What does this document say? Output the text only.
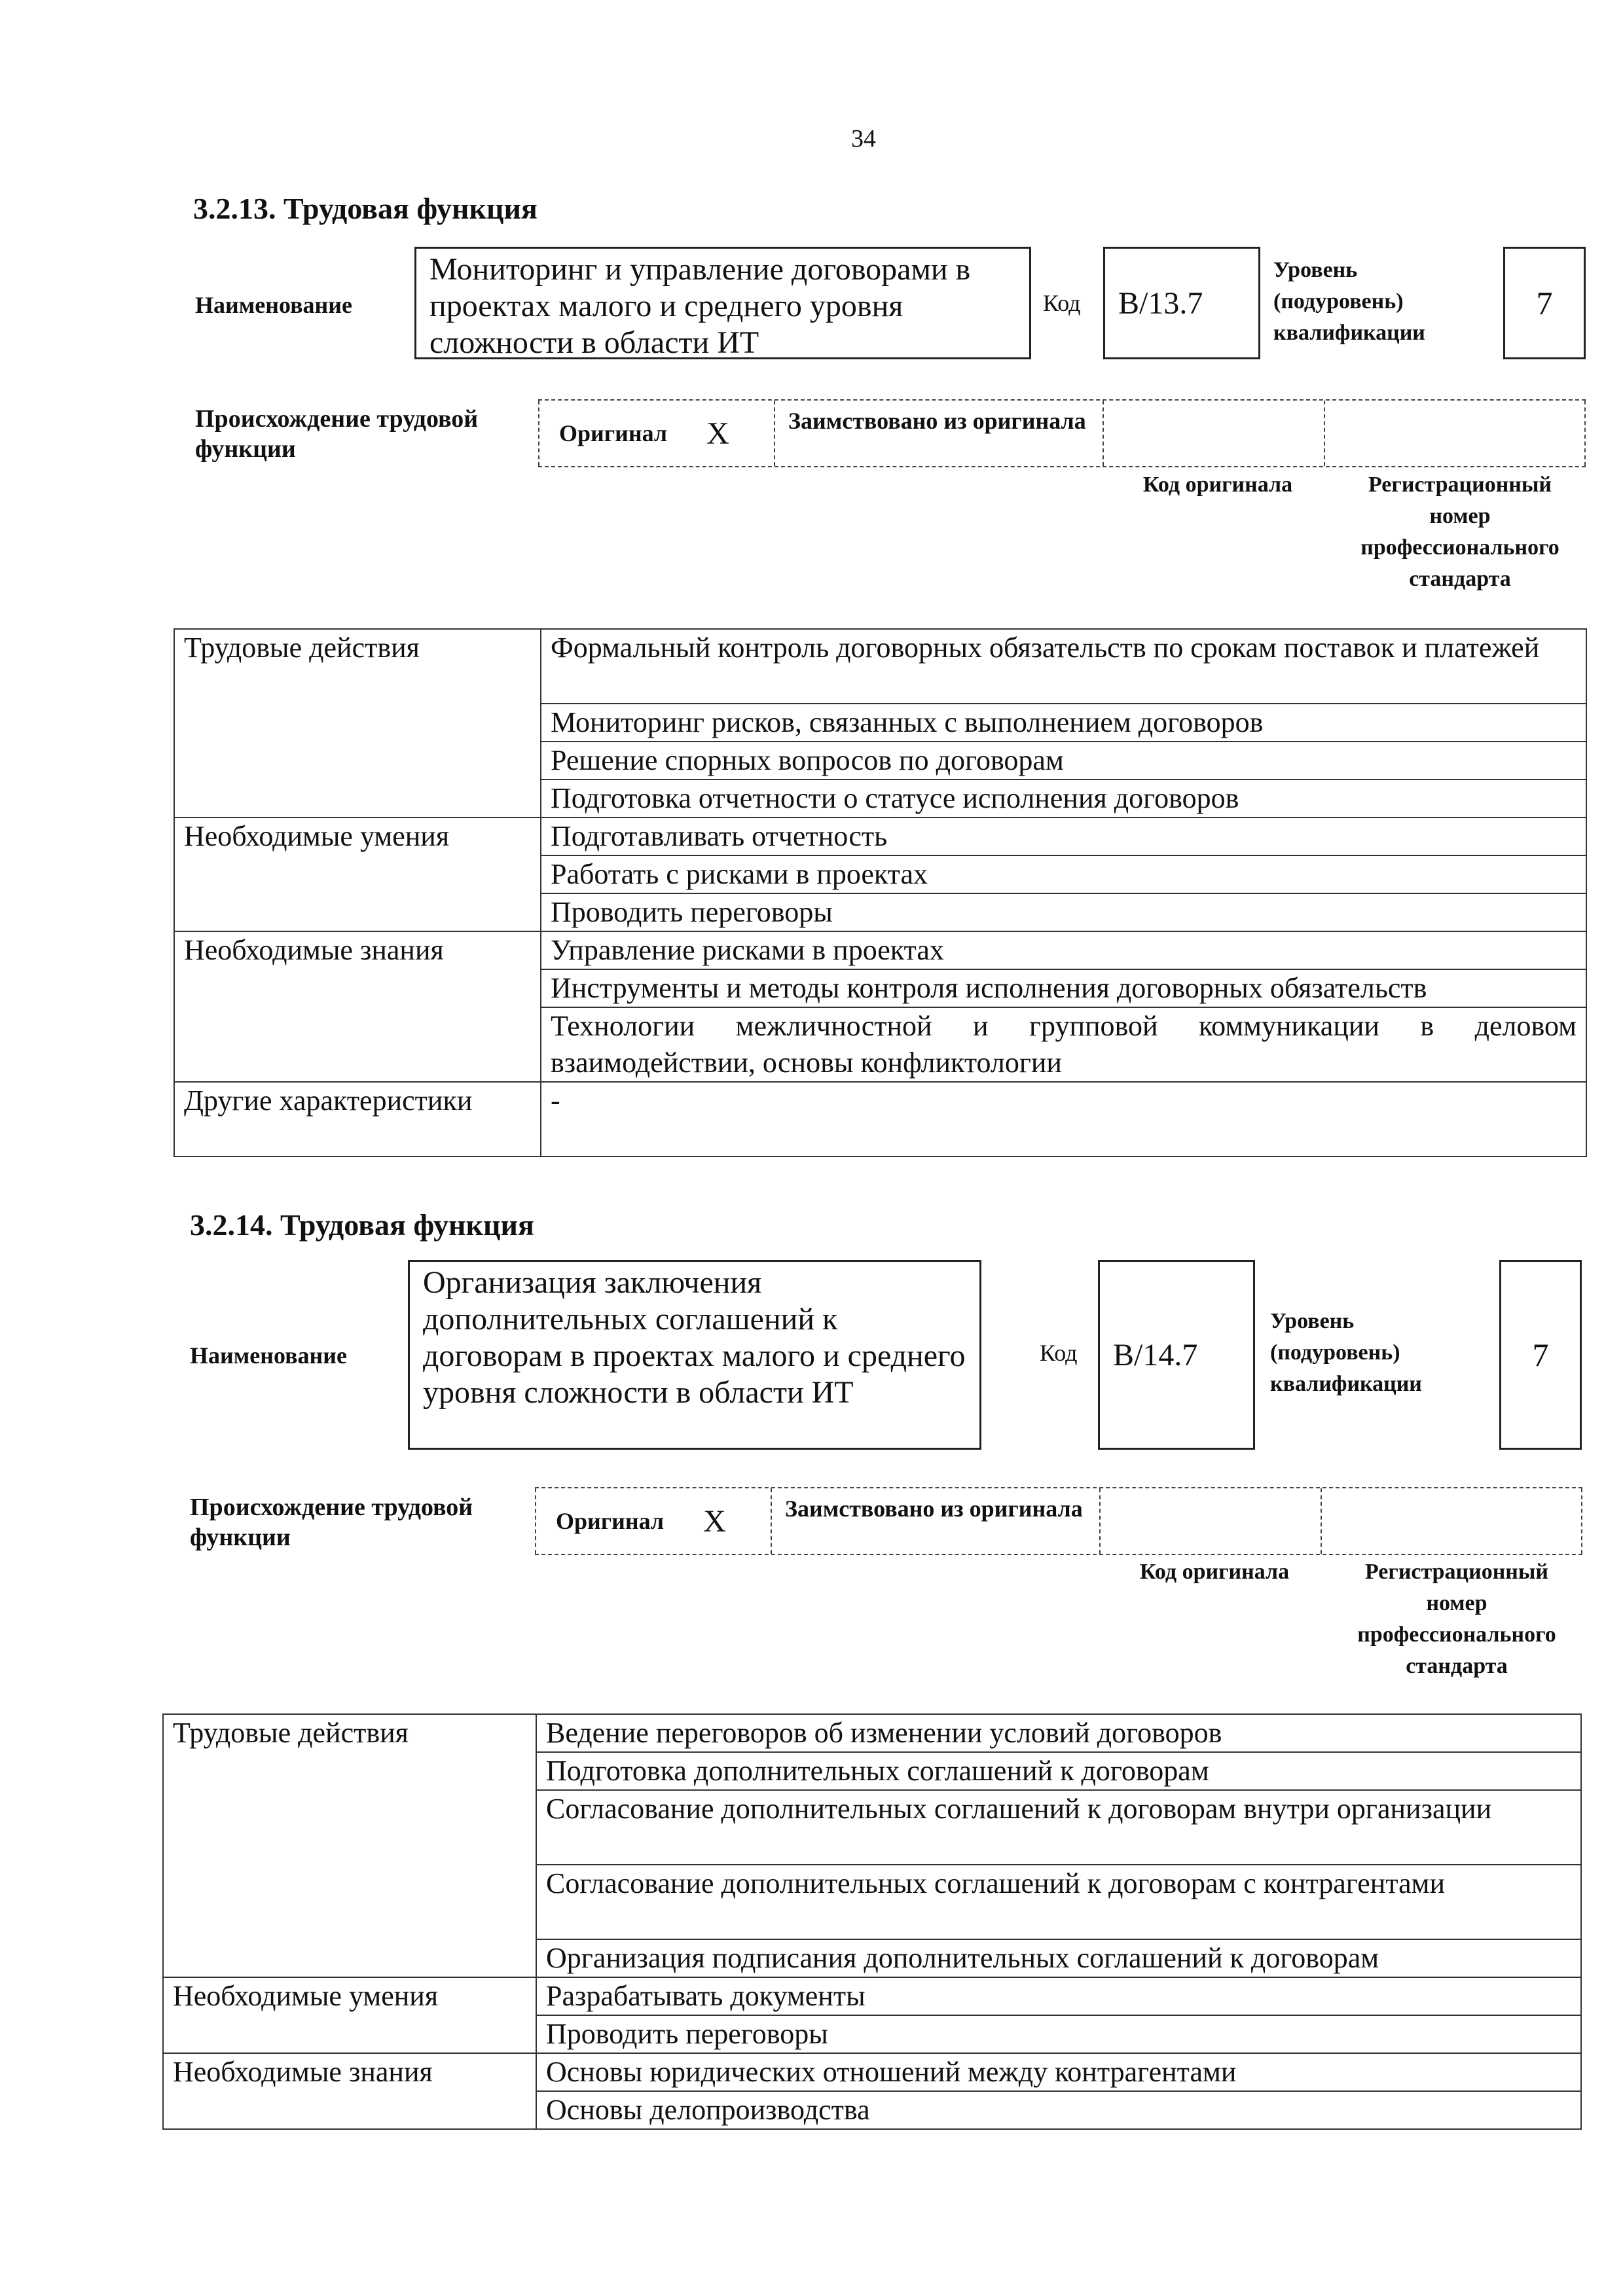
34
3.2.13. Трудовая функция
Наименование
Мониторинг и управление договорами в проектах малого и среднего уровня сложности в области ИТ
Код	В/13.7
Уровень (подуровень) квалификации
7
Происхождение трудовой функции
Оригинал X	Заимствовано из оригинала
Код оригинала	Регистрационный номер профессионального стандарта
Трудовые действия	Формальный контроль договорных обязательств по срокам поставок и платежей
	Мониторинг рисков, связанных с выполнением договоров
	Решение спорных вопросов по договорам
	Подготовка отчетности о статусе исполнения договоров
Необходимые умения	Подготавливать отчетность
	Работать с рисками в проектах
	Проводить переговоры
Необходимые знания	Управление рисками в проектах
	Инструменты и методы контроля исполнения договорных обязательств
	Технологии межличностной и групповой коммуникации в деловом взаимодействии, основы конфликтологии
Другие характеристики	-
3.2.14. Трудовая функция
Наименование
Организация заключения дополнительных соглашений к договорам в проектах малого и среднего уровня сложности в области ИТ
Код	В/14.7
Уровень (подуровень) квалификации
7
Происхождение трудовой функции
Оригинал X	Заимствовано из оригинала
Код оригинала	Регистрационный номер профессионального стандарта
Трудовые действия	Ведение переговоров об изменении условий договоров
	Подготовка дополнительных соглашений к договорам
	Согласование дополнительных соглашений к договорам внутри организации
	Согласование дополнительных соглашений к договорам с контрагентами
	Организация подписания дополнительных соглашений к договорам
Необходимые умения	Разрабатывать документы
	Проводить переговоры
Необходимые знания	Основы юридических отношений между контрагентами
	Основы делопроизводства
